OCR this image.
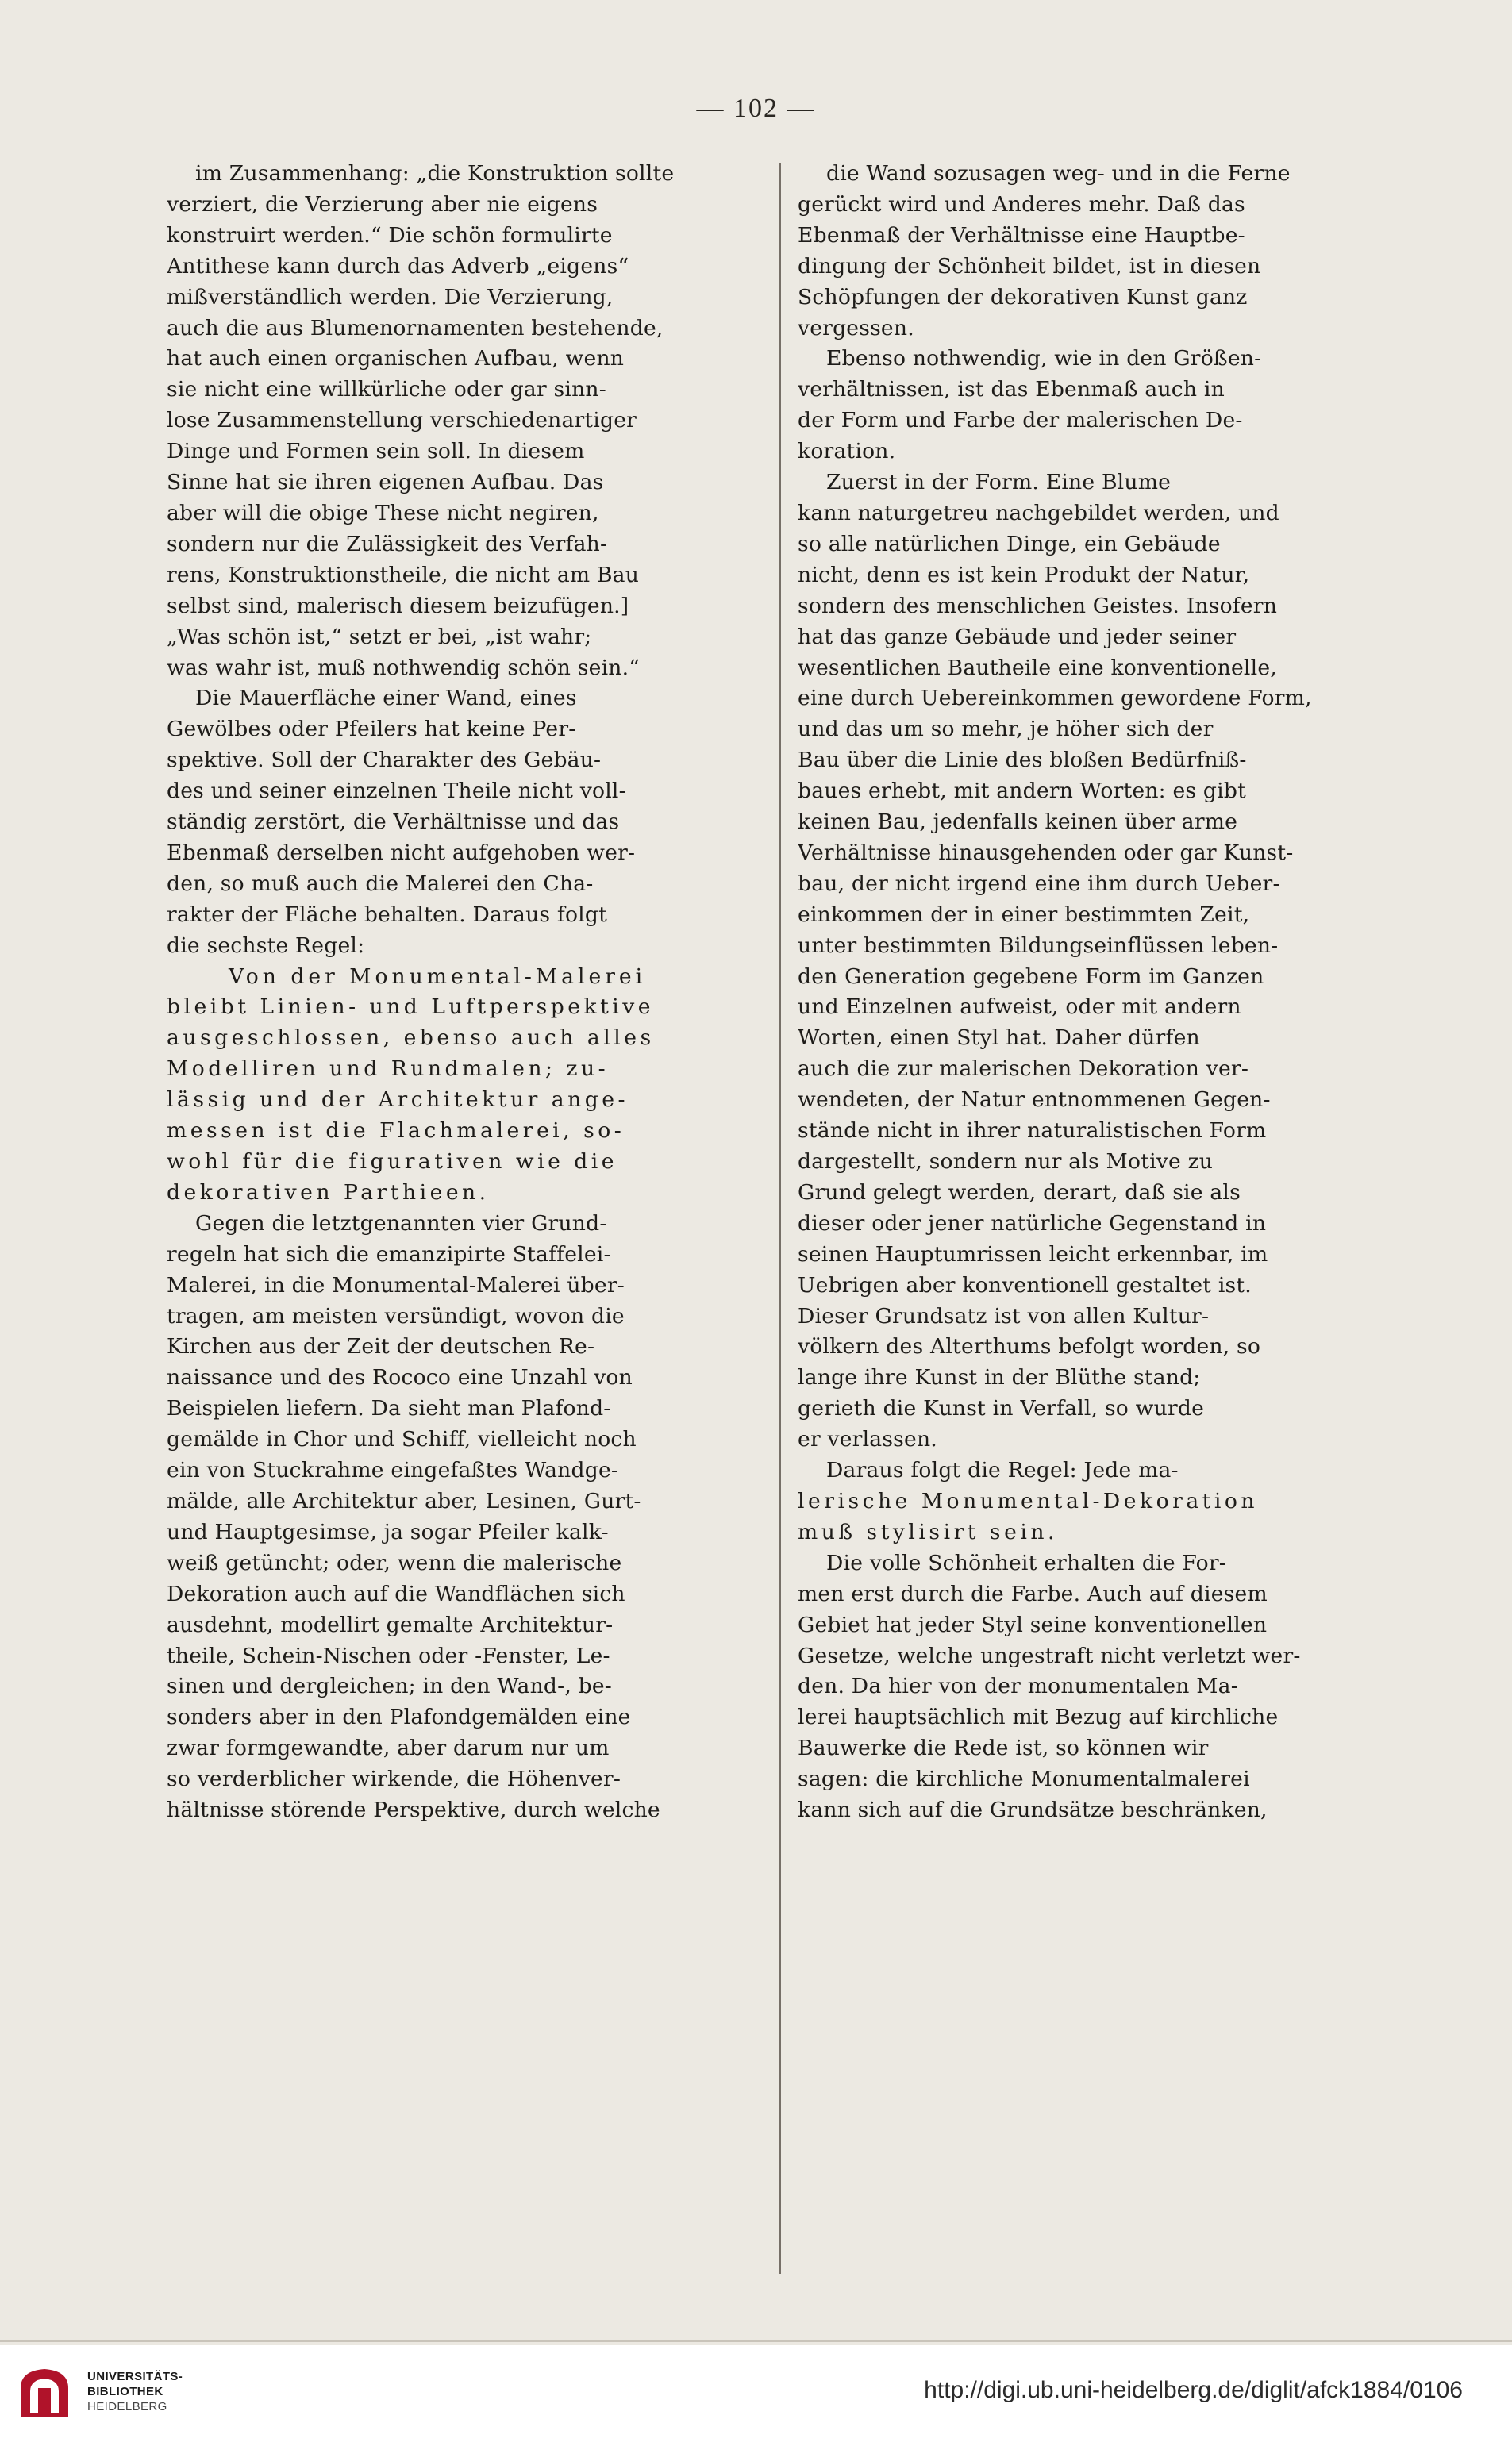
— 102 —
im Zusammenhang: „die Konstruktion sollte
verziert, die Verzierung aber nie eigens
konstruirt werden.“ Die schön formulirte
Antithese kann durch das Adverb „eigens“
mißverständlich werden. Die Verzierung,
auch die aus Blumenornamenten bestehende,
hat auch einen organischen Aufbau, wenn
sie nicht eine willkürliche oder gar sinn-
lose Zusammenstellung verschiedenartiger
Dinge und Formen sein soll. In diesem
Sinne hat sie ihren eigenen Aufbau. Das
aber will die obige These nicht negiren,
sondern nur die Zulässigkeit des Verfah-
rens, Konstruktionstheile, die nicht am Bau
selbst sind, malerisch diesem beizufügen.]
„Was schön ist,“ setzt er bei, „ist wahr;
was wahr ist, muß nothwendig schön sein.“
Die Mauerfläche einer Wand, eines
Gewölbes oder Pfeilers hat keine Per-
spektive. Soll der Charakter des Gebäu-
des und seiner einzelnen Theile nicht voll-
ständig zerstört, die Verhältnisse und das
Ebenmaß derselben nicht aufgehoben wer-
den, so muß auch die Malerei den Cha-
rakter der Fläche behalten. Daraus folgt
die sechste Regel:
Von der Monumental-Malerei
bleibt Linien- und Luftperspektive
ausgeschlossen, ebenso auch alles
Modelliren und Rundmalen; zu-
lässig und der Architektur ange-
messen ist die Flachmalerei, so-
wohl für die figurativen wie die
dekorativen Parthieen.
Gegen die letztgenannten vier Grund-
regeln hat sich die emanzipirte Staffelei-
Malerei, in die Monumental-Malerei über-
tragen, am meisten versündigt, wovon die
Kirchen aus der Zeit der deutschen Re-
naissance und des Rococo eine Unzahl von
Beispielen liefern. Da sieht man Plafond-
gemälde in Chor und Schiff, vielleicht noch
ein von Stuckrahme eingefaßtes Wandge-
mälde, alle Architektur aber, Lesinen, Gurt-
und Hauptgesimse, ja sogar Pfeiler kalk-
weiß getüncht; oder, wenn die malerische
Dekoration auch auf die Wandflächen sich
ausdehnt, modellirt gemalte Architektur-
theile, Schein-Nischen oder -Fenster, Le-
sinen und dergleichen; in den Wand-, be-
sonders aber in den Plafondgemälden eine
zwar formgewandte, aber darum nur um
so verderblicher wirkende, die Höhenver-
hältnisse störende Perspektive, durch welche
die Wand sozusagen weg- und in die Ferne
gerückt wird und Anderes mehr. Daß das
Ebenmaß der Verhältnisse eine Hauptbe-
dingung der Schönheit bildet, ist in diesen
Schöpfungen der dekorativen Kunst ganz
vergessen.
Ebenso nothwendig, wie in den Größen-
verhältnissen, ist das Ebenmaß auch in
der Form und Farbe der malerischen De-
koration.
Zuerst in der Form. Eine Blume
kann naturgetreu nachgebildet werden, und
so alle natürlichen Dinge, ein Gebäude
nicht, denn es ist kein Produkt der Natur,
sondern des menschlichen Geistes. Insofern
hat das ganze Gebäude und jeder seiner
wesentlichen Bautheile eine konventionelle,
eine durch Uebereinkommen gewordene Form,
und das um so mehr, je höher sich der
Bau über die Linie des bloßen Bedürfniß-
baues erhebt, mit andern Worten: es gibt
keinen Bau, jedenfalls keinen über arme
Verhältnisse hinausgehenden oder gar Kunst-
bau, der nicht irgend eine ihm durch Ueber-
einkommen der in einer bestimmten Zeit,
unter bestimmten Bildungseinflüssen leben-
den Generation gegebene Form im Ganzen
und Einzelnen aufweist, oder mit andern
Worten, einen Styl hat. Daher dürfen
auch die zur malerischen Dekoration ver-
wendeten, der Natur entnommenen Gegen-
stände nicht in ihrer naturalistischen Form
dargestellt, sondern nur als Motive zu
Grund gelegt werden, derart, daß sie als
dieser oder jener natürliche Gegenstand in
seinen Hauptumrissen leicht erkennbar, im
Uebrigen aber konventionell gestaltet ist.
Dieser Grundsatz ist von allen Kultur-
völkern des Alterthums befolgt worden, so
lange ihre Kunst in der Blüthe stand;
gerieth die Kunst in Verfall, so wurde
er verlassen.
Daraus folgt die Regel: Jede ma-
lerische Monumental-Dekoration
muß stylisirt sein.
Die volle Schönheit erhalten die For-
men erst durch die Farbe. Auch auf diesem
Gebiet hat jeder Styl seine konventionellen
Gesetze, welche ungestraft nicht verletzt wer-
den. Da hier von der monumentalen Ma-
lerei hauptsächlich mit Bezug auf kirchliche
Bauwerke die Rede ist, so können wir
sagen: die kirchliche Monumentalmalerei
kann sich auf die Grundsätze beschränken,
UNIVERSITÄTS-
BIBLIOTHEK
HEIDELBERG
http://digi.ub.uni-heidelberg.de/diglit/afck1884/0106
